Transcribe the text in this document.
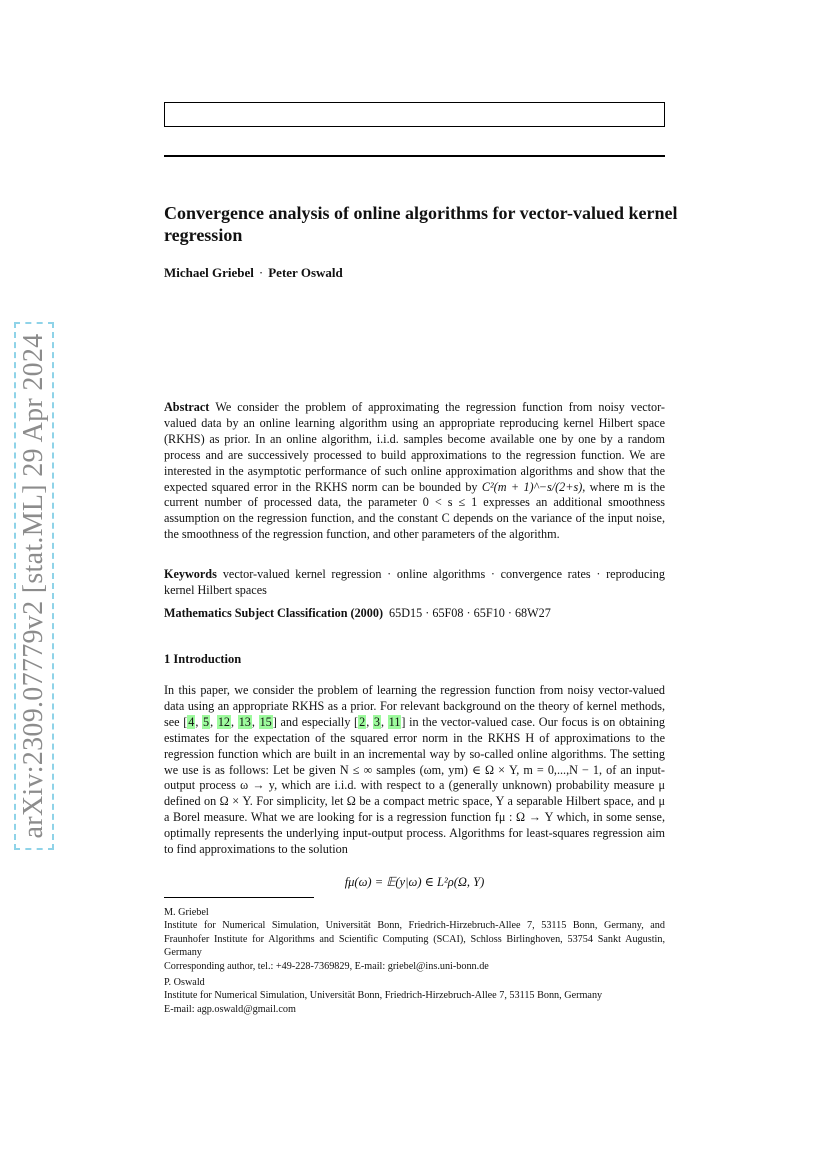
arXiv:2309.07779v2 [stat.ML] 29 Apr 2024
Convergence analysis of online algorithms for vector-valued kernel regression
Michael Griebel · Peter Oswald
Abstract We consider the problem of approximating the regression function from noisy vector-valued data by an online learning algorithm using an appropriate reproducing kernel Hilbert space (RKHS) as prior. In an online algorithm, i.i.d. samples become available one by one by a random process and are successively processed to build approximations to the regression function. We are interested in the asymptotic performance of such online approximation algorithms and show that the expected squared error in the RKHS norm can be bounded by C²(m + 1)^−s/(2+s), where m is the current number of processed data, the parameter 0 < s ≤ 1 expresses an additional smoothness assumption on the regression function, and the constant C depends on the variance of the input noise, the smoothness of the regression function, and other parameters of the algorithm.
Keywords vector-valued kernel regression · online algorithms · convergence rates · reproducing kernel Hilbert spaces
Mathematics Subject Classification (2000) 65D15 · 65F08 · 65F10 · 68W27
1 Introduction
In this paper, we consider the problem of learning the regression function from noisy vector-valued data using an appropriate RKHS as a prior. For relevant background on the theory of kernel methods, see [4, 5, 12, 13, 15] and especially [2, 3, 11] in the vector-valued case. Our focus is on obtaining estimates for the expectation of the squared error norm in the RKHS H of approximations to the regression function which are built in an incremental way by so-called online algorithms. The setting we use is as follows: Let be given N ≤ ∞ samples (ωm, ym) ∈ Ω × Y, m = 0,...,N − 1, of an input-output process ω → y, which are i.i.d. with respect to a (generally unknown) probability measure μ defined on Ω × Y. For simplicity, let Ω be a compact metric space, Y a separable Hilbert space, and μ a Borel measure. What we are looking for is a regression function fμ : Ω → Y which, in some sense, optimally represents the underlying input-output process. Algorithms for least-squares regression aim to find approximations to the solution
fμ(ω) = 𝔼(y|ω) ∈ L²ρ(Ω, Y)

M. Griebel

Institute for Numerical Simulation, Universität Bonn, Friedrich-Hirzebruch-Allee 7, 53115 Bonn, Germany, and Fraunhofer Institute for Algorithms and Scientific Computing (SCAI), Schloss Birlinghoven, 53754 Sankt Augustin, Germany

Corresponding author, tel.: +49-228-7369829, E-mail: griebel@ins.uni-bonn.de

P. Oswald

Institute for Numerical Simulation, Universität Bonn, Friedrich-Hirzebruch-Allee 7, 53115 Bonn, Germany

E-mail: agp.oswald@gmail.com
